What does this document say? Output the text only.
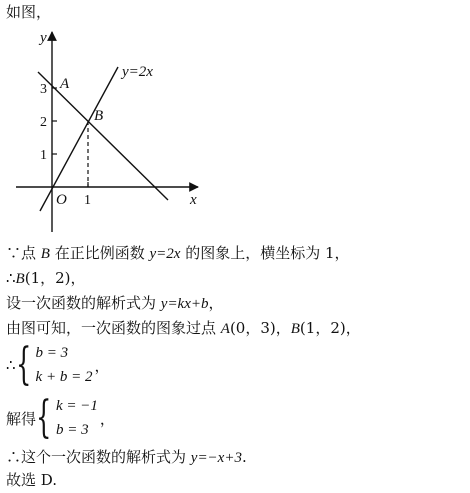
如图，
y
x
O 1
1
2
3 A
B
y=2x
∵点 B 在正比例函数 y=2x 的图象上，横坐标为 1，
∴B(1，2)，
设一次函数的解析式为 y=kx+b，
由图可知，一次函数的图象过点 A(0，3)，B(1，2)，
∴ { b = 3
k + b = 2
，
解得 { k = −1
b = 3
，
∴这个一次函数的解析式为 y=−x+3.
故选 D.
